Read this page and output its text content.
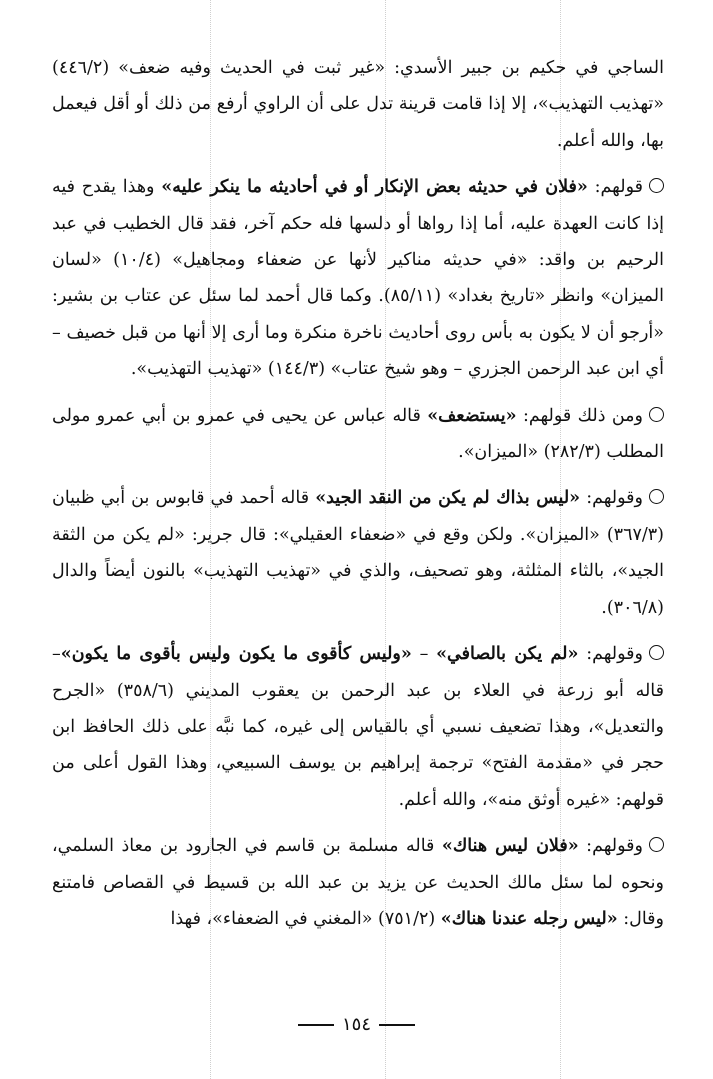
الساجي في حكيم بن جبير الأسدي: «غير ثبت في الحديث وفيه ضعف» (٤٤٦/٢) «تهذيب التهذيب»، إلا إذا قامت قرينة تدل على أن الراوي أرفع من ذلك أو أقل فيعمل بها، والله أعلم.

قولهم: «فلان في حديثه بعض الإنكار أو في أحاديثه ما ينكر عليه» وهذا يقدح فيه إذا كانت العهدة عليه، أما إذا رواها أو دلسها فله حكم آخر، فقد قال الخطيب في عبد الرحيم بن واقد: «في حديثه مناكير لأنها عن ضعفاء ومجاهيل» (١٠/٤) «لسان الميزان» وانظر «تاريخ بغداد» (٨٥/١١). وكما قال أحمد لما سئل عن عتاب بن بشير: «أرجو أن لا يكون به بأس روى أحاديث ناخرة منكرة وما أرى إلا أنها من قبل خصيف – أي ابن عبد الرحمن الجزري – وهو شيخ عتاب» (١٤٤/٣) «تهذيب التهذيب».

ومن ذلك قولهم: «يستضعف» قاله عباس عن يحيى في عمرو بن أبي عمرو مولى المطلب (٢٨٢/٣) «الميزان».

وقولهم: «ليس بذاك لم يكن من النقد الجيد» قاله أحمد في قابوس بن أبي ظبيان (٣٦٧/٣) «الميزان». ولكن وقع في «ضعفاء العقيلي»: قال جرير: «لم يكن من الثقة الجيد»، بالثاء المثلثة، وهو تصحيف، والذي في «تهذيب التهذيب» بالنون أيضاً والدال (٣٠٦/٨).

وقولهم: «لم يكن بالصافي» – «وليس كأقوى ما يكون وليس بأقوى ما يكون»– قاله أبو زرعة في العلاء بن عبد الرحمن بن يعقوب المديني (٣٥٨/٦) «الجرح والتعديل»، وهذا تضعيف نسبي أي بالقياس إلى غيره، كما نبَّه على ذلك الحافظ ابن حجر في «مقدمة الفتح» ترجمة إبراهيم بن يوسف السبيعي، وهذا القول أعلى من قولهم: «غيره أوثق منه»، والله أعلم.

وقولهم: «فلان ليس هناك» قاله مسلمة بن قاسم في الجارود بن معاذ السلمي، ونحوه لما سئل مالك الحديث عن يزيد بن عبد الله بن قسيط في القصاص فامتنع وقال: «ليس رجله عندنا هناك» (٧٥١/٢) «المغني في الضعفاء»، فهذا

١٥٤
